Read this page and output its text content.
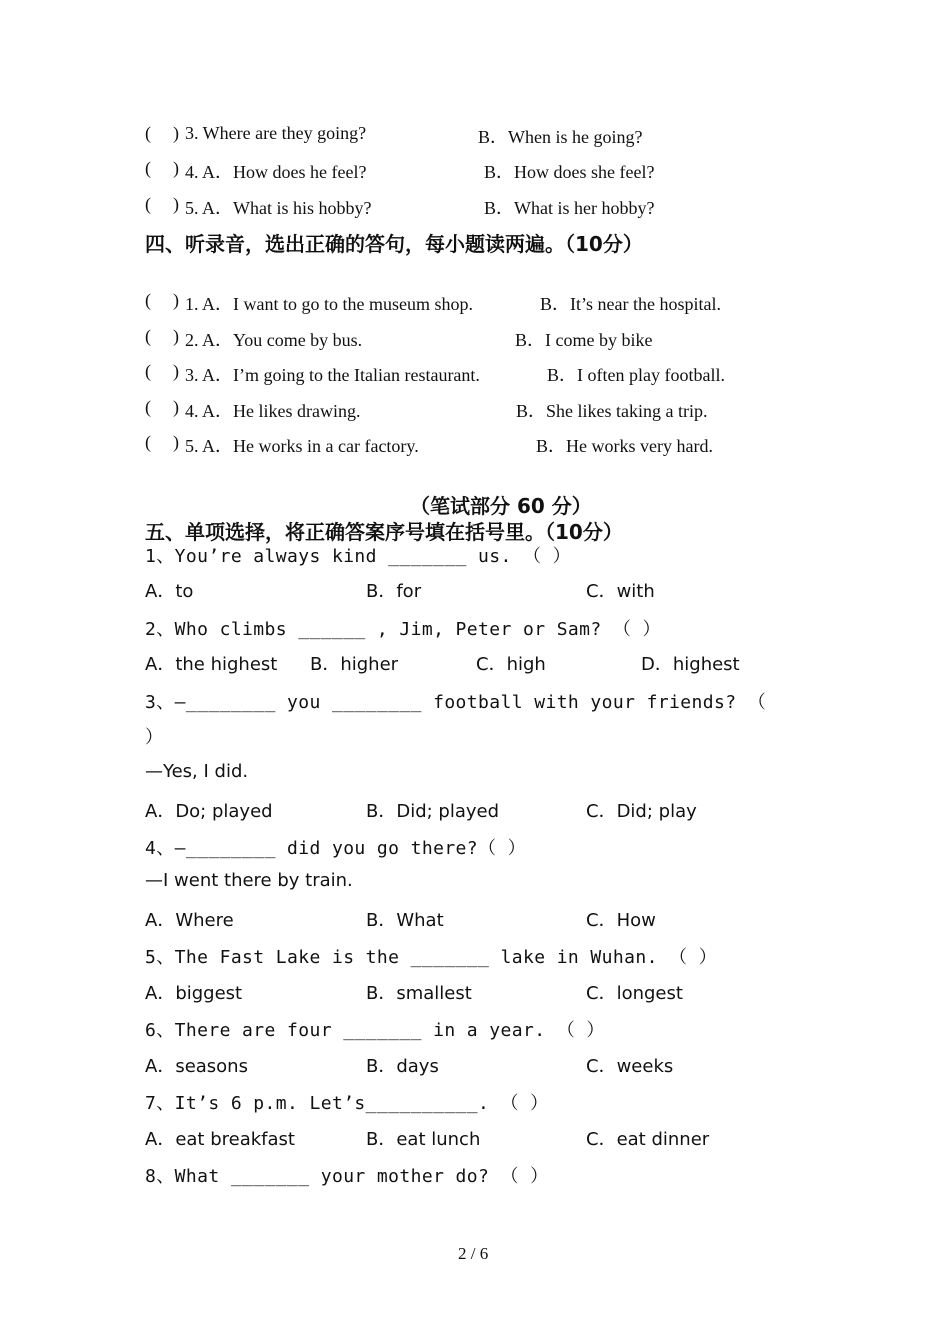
( ) 3. Where are they going?	B．When is he going?
( ) 4. A．How does he feel?	B．How does she feel?
( ) 5. A．What is his hobby?	B．What is her hobby?
四、听录音，选出正确的答句，每小题读两遍。（10分）
( ) 1. A．I want to go to the museum shop.	B．It’s near the hospital.
( ) 2. A．You come by bus.	B．I come by bike
( ) 3. A．I’m going to the Italian restaurant.	B．I often play football.
( ) 4. A．He likes drawing.	B．She likes taking a trip.
( ) 5. A．He works in a car factory.	B．He works very hard.
（笔试部分 60 分）
五、单项选择，将正确答案序号填在括号里。（10分）
1、You’re always kind _______ us. （ ）
A．to	B．for	C．with
2、Who climbs ______ , Jim, Peter or Sam? （ ）
A．the highest B．higher	C．high	D．highest
3、—________ you ________ football with your friends? （
）
—Yes, I did.
A．Do; played	B．Did; played	C．Did; play
4、—________ did you go there?（ ）
—I went there by train.
A．Where	B．What	C．How
5、The Fast Lake is the _______ lake in Wuhan. （ ）
A．biggest	B．smallest	C．longest
6、There are four _______ in a year. （ ）
A．seasons	B．days	C．weeks
7、It’s 6 p.m. Let’s__________. （ ）
A．eat breakfast	B．eat lunch	C．eat dinner
8、What _______ your mother do? （ ）
2 / 6
